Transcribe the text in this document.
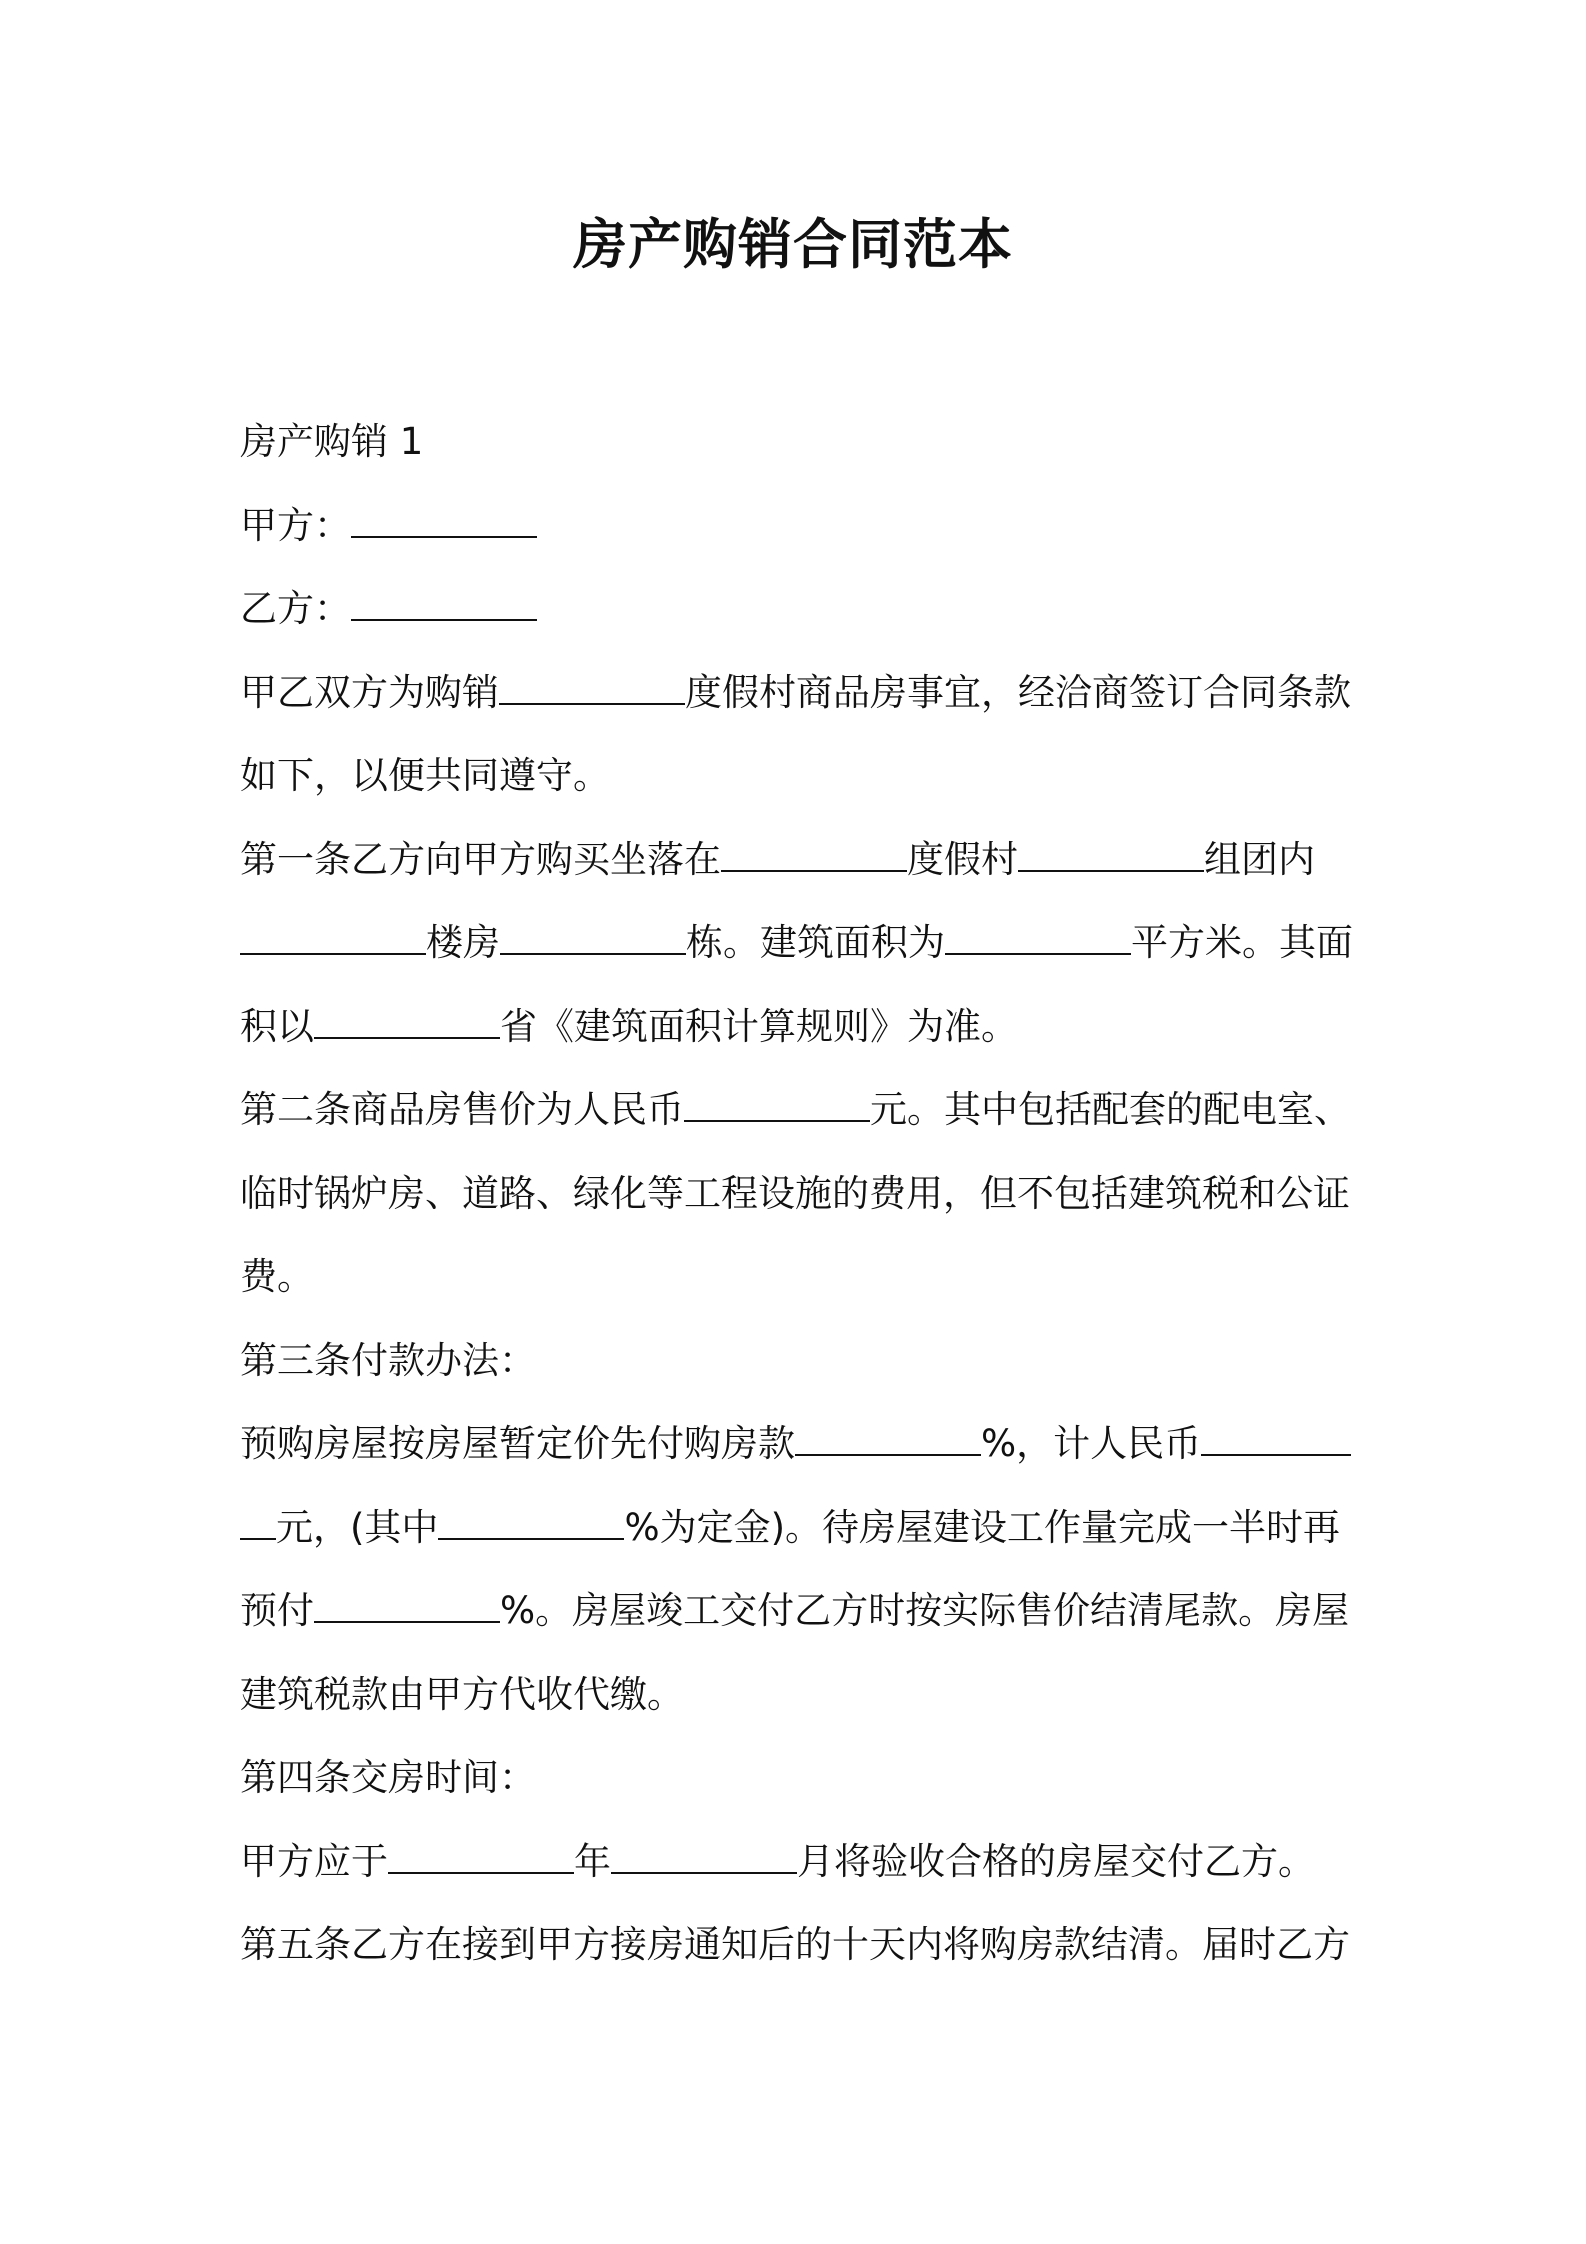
房产购销合同范本

房产购销 1

甲方：

乙方：

甲乙双方为购销	度假村商品房事宜，经洽商签订合同条款如下，以便共同遵守。

第一条乙方向甲方购买坐落在	度假村	组团内楼房	栋。建筑面积为	平方米。其面积以	省《建筑面积计算规则》为准。

第二条商品房售价为人民币	元。其中包括配套的配电室、临时锅炉房、道路、绿化等工程设施的费用，但不包括建筑税和公证费。

第三条付款办法：

预购房屋按房屋暂定价先付购房款	%，计人民币元，(其中	%为定金)。待房屋建设工作量完成一半时再预付	%。房屋竣工交付乙方时按实际售价结清尾款。房屋建筑税款由甲方代收代缴。

第四条交房时间：

甲方应于	年	月将验收合格的房屋交付乙方。

第五条乙方在接到甲方接房通知后的十天内将购房款结清。届时乙方
